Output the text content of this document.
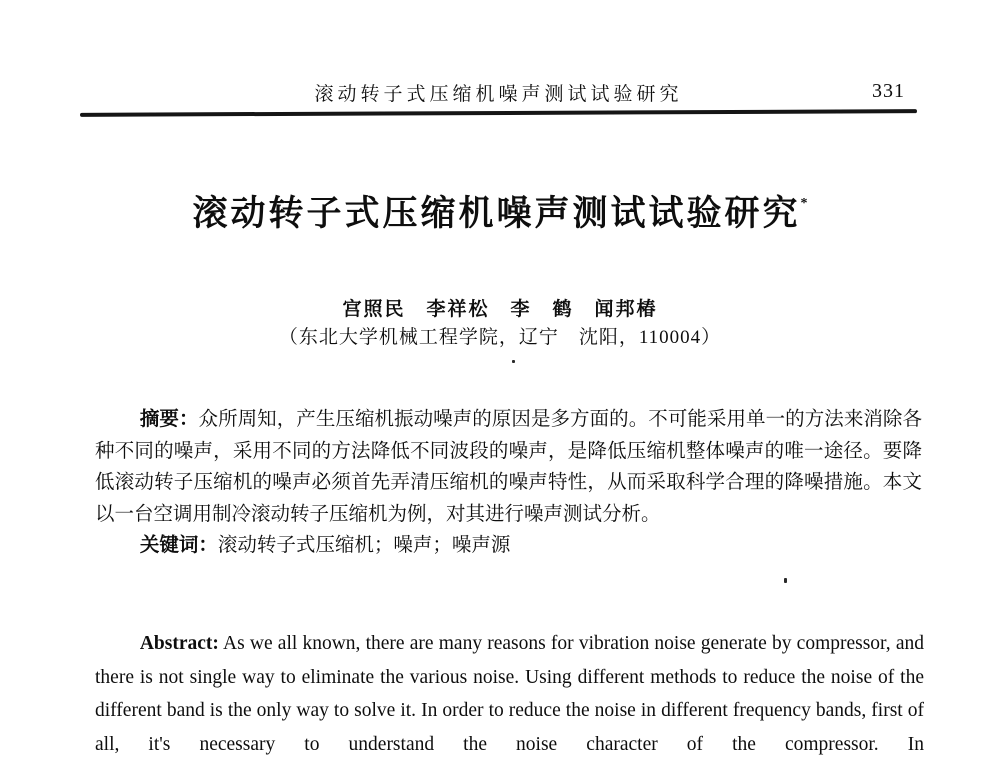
滚动转子式压缩机噪声测试试验研究	331
滚动转子式压缩机噪声测试试验研究*
宫照民　李祥松　李　鹤　闻邦椿
（东北大学机械工程学院，辽宁　沈阳，110004）

摘要：众所周知，产生压缩机振动噪声的原因是多方面的。不可能采用单一的方法来消除各种不同的噪声，采用不同的方法降低不同波段的噪声，是降低压缩机整体噪声的唯一途径。要降低滚动转子压缩机的噪声必须首先弄清压缩机的噪声特性，从而采取科学合理的降噪措施。本文以一台空调用制冷滚动转子压缩机为例，对其进行噪声测试分析。

关键词：滚动转子式压缩机；噪声；噪声源

Abstract: As we all known, there are many reasons for vibration noise generate by compressor, and there is not single way to eliminate the various noise. Using different methods to reduce the noise of the different band is the only way to solve it. In order to reduce the noise in different frequency bands, first of all, it's necessary to understand the noise character of the compressor. In
